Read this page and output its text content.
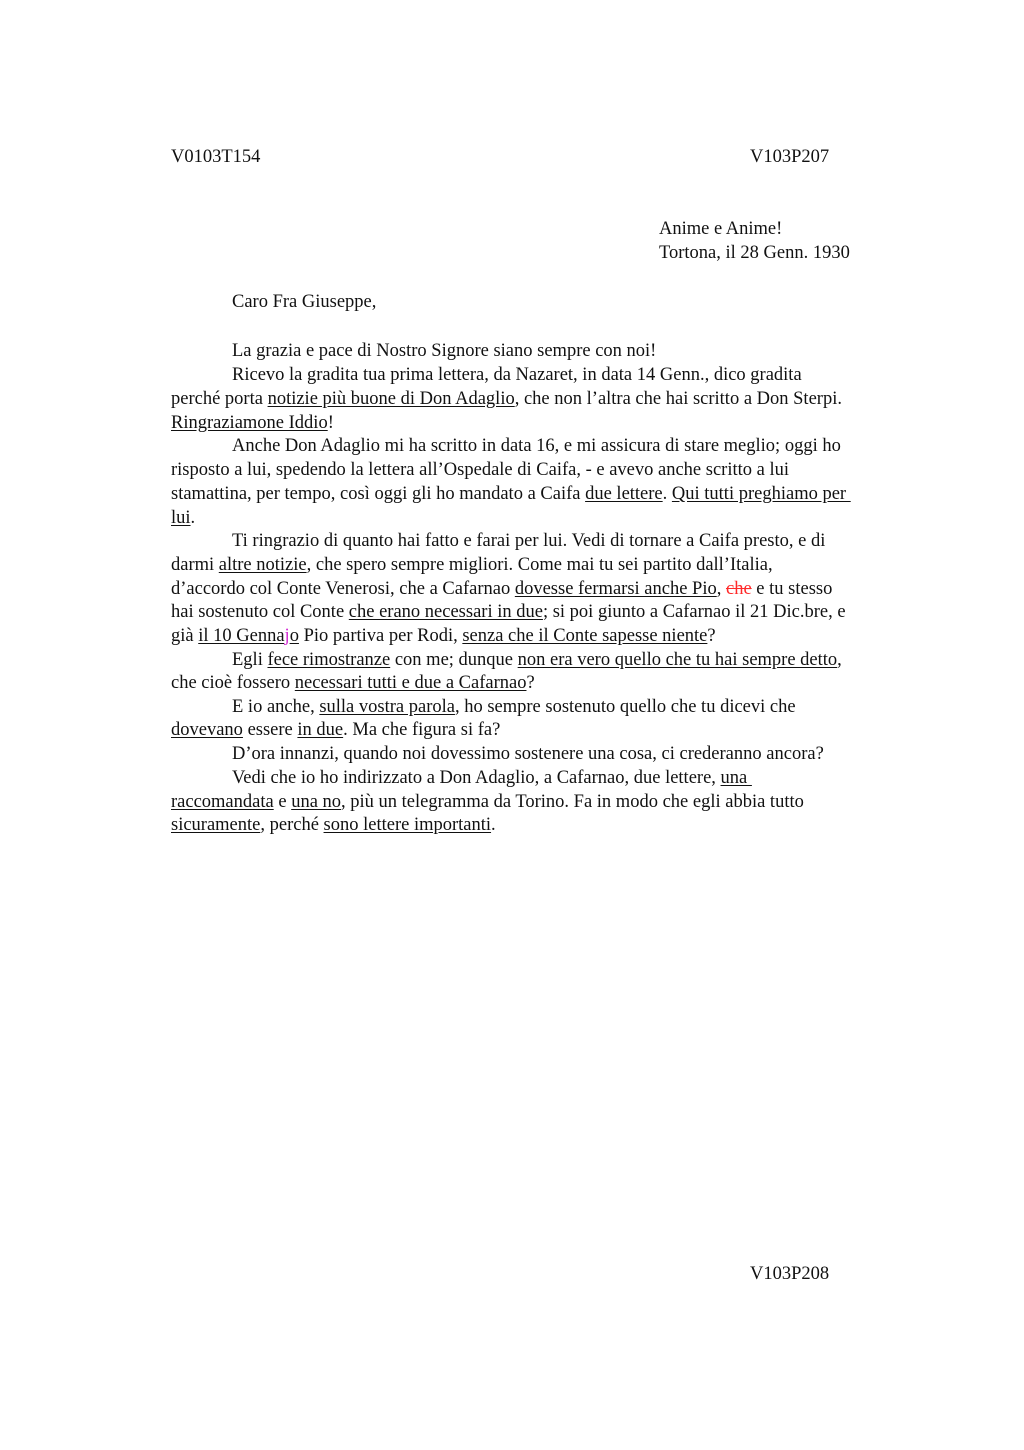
V0103T154	V103P207
Anime e Anime!
Tortona, il 28 Genn. 1930
Caro Fra Giuseppe,
La grazia e pace di Nostro Signore siano sempre con noi!
Ricevo la gradita tua prima lettera, da Nazaret, in data 14 Genn., dico gradita
perché porta notizie più buone di Don Adaglio, che non l’altra che hai scritto a Don Sterpi.
Ringraziamone Iddio!
Anche Don Adaglio mi ha scritto in data 16, e mi assicura di stare meglio; oggi ho
risposto a lui, spedendo la lettera all’Ospedale di Caifa, - e avevo anche scritto a lui
stamattina, per tempo, così oggi gli ho mandato a Caifa due lettere. Qui tutti preghiamo per
lui.
Ti ringrazio di quanto hai fatto e farai per lui. Vedi di tornare a Caifa presto, e di
darmi altre notizie, che spero sempre migliori. Come mai tu sei partito dall’Italia,
d’accordo col Conte Venerosi, che a Cafarnao dovesse fermarsi anche Pio, che e tu stesso
hai sostenuto col Conte che erano necessari in due; si poi giunto a Cafarnao il 21 Dic.bre, e
già il 10 Gennajo Pio partiva per Rodi, senza che il Conte sapesse niente?
Egli fece rimostranze con me; dunque non era vero quello che tu hai sempre detto,
che cioè fossero necessari tutti e due a Cafarnao?
E io anche, sulla vostra parola, ho sempre sostenuto quello che tu dicevi che
dovevano essere in due. Ma che figura si fa?
D’ora innanzi, quando noi dovessimo sostenere una cosa, ci crederanno ancora?
Vedi che io ho indirizzato a Don Adaglio, a Cafarnao, due lettere, una
raccomandata e una no, più un telegramma da Torino. Fa in modo che egli abbia tutto
sicuramente, perché sono lettere importanti.
V103P208
